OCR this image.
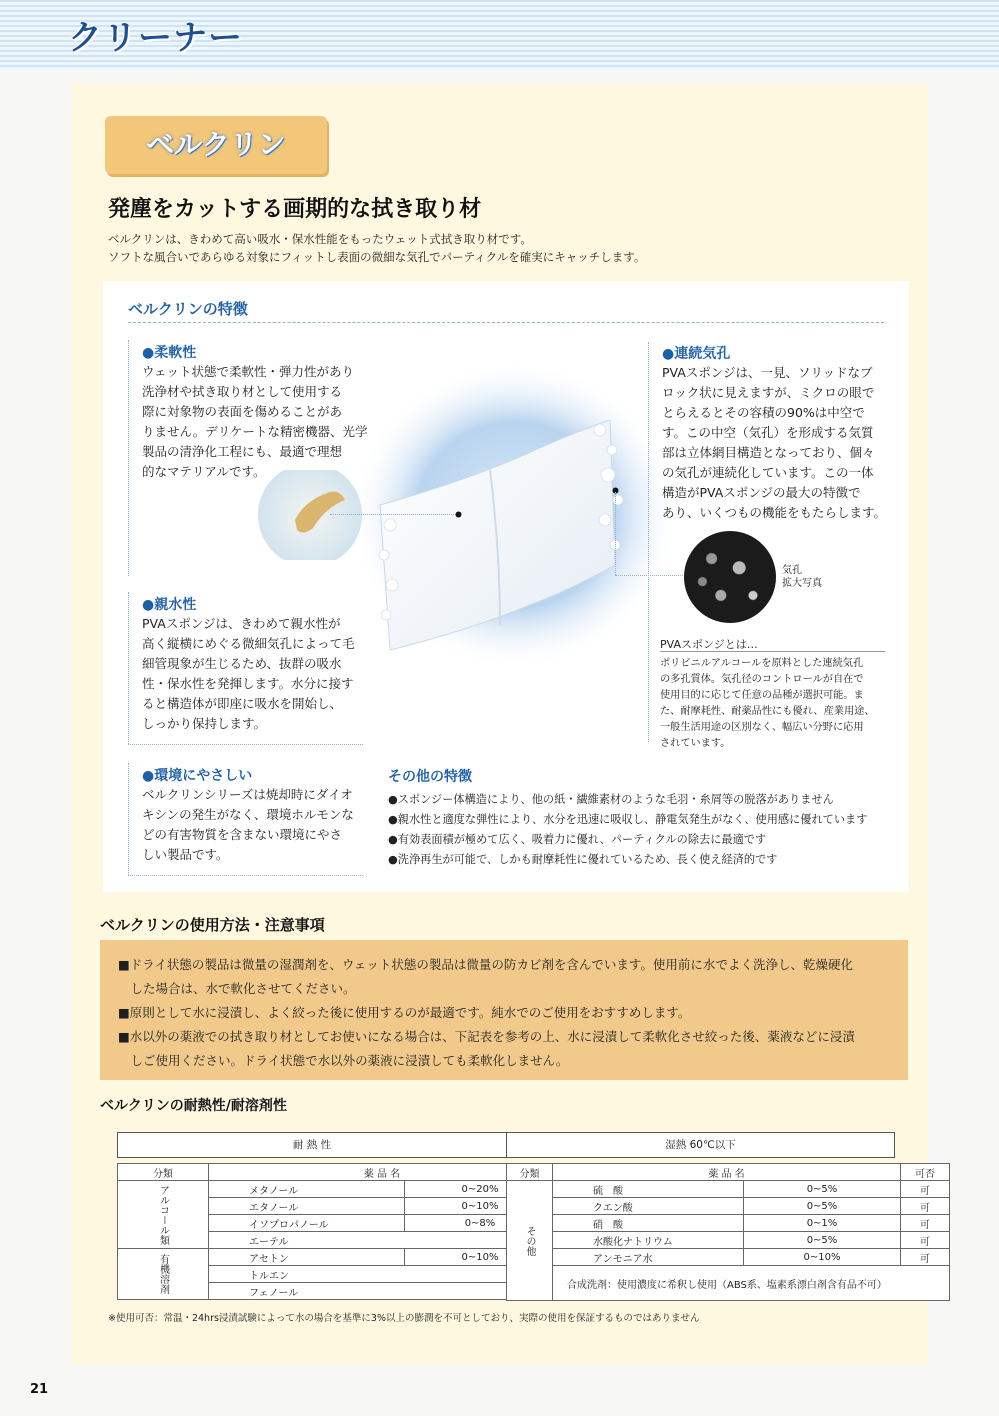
クリーナー
ベルクリン
発塵をカットする画期的な拭き取り材
ベルクリンは、きわめて高い吸水・保水性能をもったウェット式拭き取り材です。
ソフトな風合いであらゆる対象にフィットし表面の微細な気孔でパーティクルを確実にキャッチします。
ベルクリンの特徴
●柔軟性
ウェット状態で柔軟性・弾力性があり
洗浄材や拭き取り材として使用する
際に対象物の表面を傷めることがあ
りません。デリケートな精密機器、光学
製品の清浄化工程にも、最適で理想
的なマテリアルです。
●連続気孔
PVAスポンジは、一見、ソリッドなブ
ロック状に見えますが、ミクロの眼で
とらえるとその容積の90%は中空で
す。この中空（気孔）を形成する気質
部は立体網目構造となっており、個々
の気孔が連続化しています。この一体
構造がPVAスポンジの最大の特徴で
あり、いくつもの機能をもたらします。
気孔
拡大写真
PVAスポンジとは…
ポリビニルアルコールを原料とした連続気孔
の多孔質体。気孔径のコントロールが自在で
使用目的に応じて任意の品種が選択可能。ま
た、耐摩耗性、耐薬品性にも優れ、産業用途、
一般生活用途の区別なく、幅広い分野に応用
されています。
●親水性
PVAスポンジは、きわめて親水性が
高く縦横にめぐる微細気孔によって毛
細管現象が生じるため、抜群の吸水
性・保水性を発揮します。水分に接す
ると構造体が即座に吸水を開始し、
しっかり保持します。
●環境にやさしい
ベルクリンシリーズは焼却時にダイオ
キシンの発生がなく、環境ホルモンな
どの有害物質を含まない環境にやさ
しい製品です。
その他の特徴
●スポンジー体構造により、他の紙・繊維素材のような毛羽・糸屑等の脱落がありません
●親水性と適度な弾性により、水分を迅速に吸収し、静電気発生がなく、使用感に優れています
●有効表面積が極めて広く、吸着力に優れ、パーティクルの除去に最適です
●洗浄再生が可能で、しかも耐摩耗性に優れているため、長く使え経済的です
ベルクリンの使用方法・注意事項
■ドライ状態の製品は微量の湿潤剤を、ウェット状態の製品は微量の防カビ剤を含んでいます。使用前に水でよく洗浄し、乾燥硬化
　した場合は、水で軟化させてください。
■原則として水に浸漬し、よく絞った後に使用するのが最適です。純水でのご使用をおすすめします。
■水以外の薬液での拭き取り材としてお使いになる場合は、下記表を参考の上、水に浸漬して柔軟化させ絞った後、薬液などに浸漬
　しご使用ください。ドライ状態で水以外の薬液に浸漬しても柔軟化しません。
ベルクリンの耐熱性/耐溶剤性
耐 熱 性	湿熱 60℃以下
分類	薬 品 名	
アルコール類	メタノール	0~20%	
	エタノール	0~10%	
	イソプロパノール	0~8%	
	エーテル	
有機溶剤	アセトン	0~10%	
	トルエン	
	フェノール	
分類	薬 品 名		可否
その他	硫　酸	0~5%	可
	クエン酸	0~5%	可
	硝　酸	0~1%	可
	水酸化ナトリウム	0~5%	可
	アンモニア水	0~10%	可
	合成洗剤：使用濃度に希釈し使用（ABS系、塩素系漂白剤含有品不可）		
※使用可否：常温・24hrs浸漬試験によって水の場合を基準に3%以上の膨潤を不可としており、実際の使用を保証するものではありません
21
